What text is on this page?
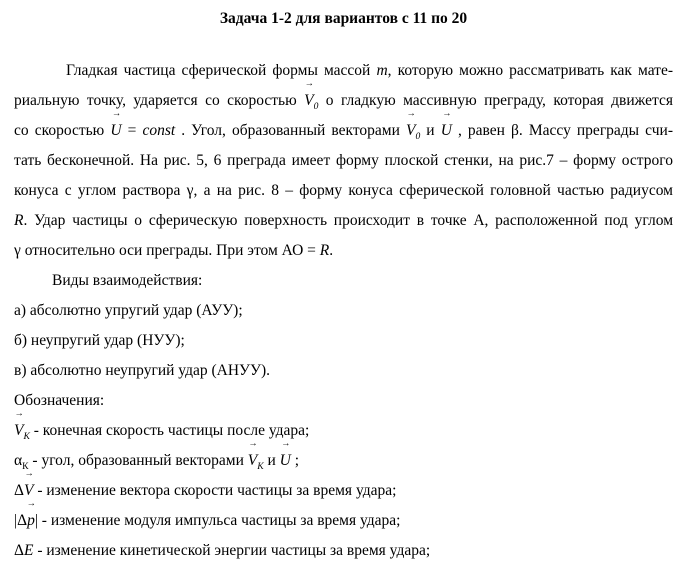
Задача 1-2 для вариантов с 11 по 20
Гладкая частица сферической формы массой m, которую можно рассматривать как мате-
риальную точку, ударяется со скоростью → $V_0$ о гладкую массивную преграду, которая движется
со скоростью → U = const . Угол, образованный векторами → $V_0$ и → U , равен β. Массу преграды счи-
тать бесконечной. На рис. 5, 6 преграда имеет форму плоской стенки, на рис.7 – форму острого
конуса с углом раствора γ, а на рис. 8 – форму конуса сферической головной частью радиусом
R. Удар частицы о сферическую поверхность происходит в точке А, расположенной под углом
γ относительно оси преграды. При этом АО = R.
Виды взаимодействия:
а) абсолютно упругий удар (АУУ);
б) неупругий удар (НУУ);
в) абсолютно неупругий удар (АНУУ).
Обозначения:
→ $V_К$ - конечная скорость частицы после удара;
$\alpha_К$ - угол, образованный векторами → $V_К$ и → U ;
Δ→ V - изменение вектора скорости частицы за время удара;
|Δ→ p| - изменение модуля импульса частицы за время удара;
ΔE - изменение кинетической энергии частицы за время удара;
